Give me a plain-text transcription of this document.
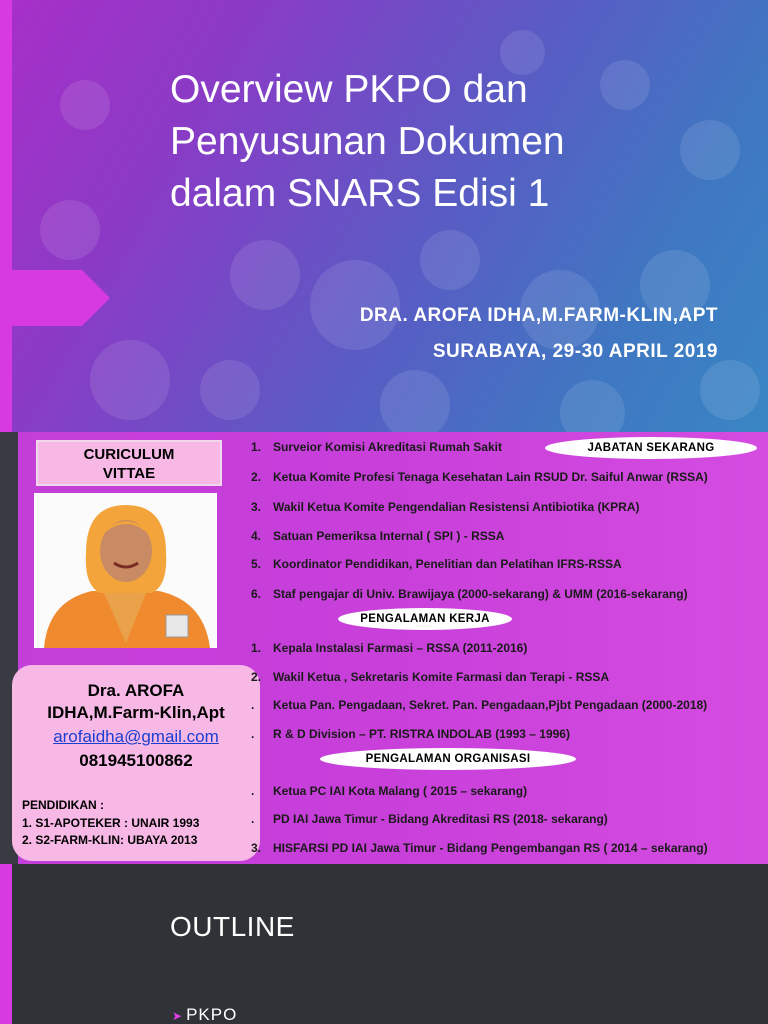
Overview PKPO dan
Penyusunan Dokumen
dalam SNARS Edisi 1
DRA. AROFA IDHA,M.FARM-KLIN,APT
SURABAYA, 29-30 APRIL 2019
CURICULUM
VITTAE
Dra. AROFA
IDHA,M.Farm-Klin,Apt
arofaidha@gmail.com
081945100862
PENDIDIKAN :
1. S1-APOTEKER : UNAIR 1993
2. S2-FARM-KLIN: UBAYA 2013
JABATAN SEKARANG
1. Surveior Komisi Akreditasi Rumah Sakit
2. Ketua Komite Profesi Tenaga Kesehatan Lain RSUD Dr. Saiful Anwar (RSSA)
3. Wakil Ketua Komite Pengendalian Resistensi Antibiotika (KPRA)
4. Satuan Pemeriksa Internal ( SPI ) - RSSA
5. Koordinator Pendidikan, Penelitian dan Pelatihan IFRS-RSSA
6. Staf pengajar di Univ. Brawijaya (2000-sekarang) & UMM (2016-sekarang)
PENGALAMAN KERJA
1. Kepala Instalasi Farmasi – RSSA (2011-2016)
2. Wakil Ketua , Sekretaris Komite Farmasi dan Terapi - RSSA
. Ketua Pan. Pengadaan, Sekret. Pan. Pengadaan,Pjbt Pengadaan (2000-2018)
. R & D Division – PT. RISTRA INDOLAB (1993 – 1996)
PENGALAMAN ORGANISASI
. Ketua PC IAI Kota Malang ( 2015 – sekarang)
. PD IAI Jawa Timur - Bidang Akreditasi RS (2018- sekarang)
3. HISFARSI PD IAI Jawa Timur - Bidang Pengembangan RS ( 2014 – sekarang)
OUTLINE
➤ PKPO
